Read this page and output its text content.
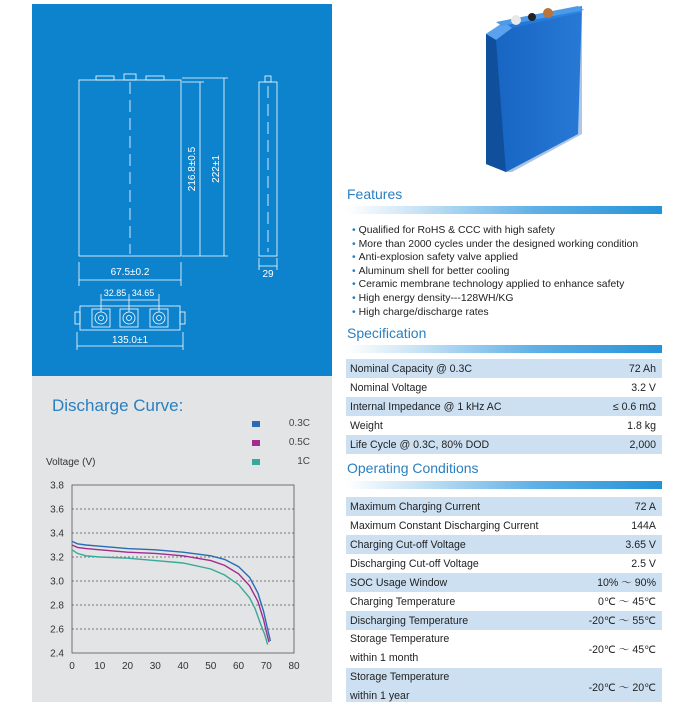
67.5±0.2
32.85 34.65
135.0±1
29
216.8±0.5 222±1
Discharge Curve:
0.3C
0.5C
1C
Voltage (V)
2.4
2.6
2.8
3.0
3.2
3.4
3.6
3.8
0 10 20 30 40 50 60 70 80
Features
• Qualified for RoHS & CCC with high safety
• More than 2000 cycles under the designed working condition
• Anti-explosion safety valve applied
• Aluminum shell for better cooling
• Ceramic membrane technology applied to enhance safety
• High energy density---128WH/KG
• High charge/discharge rates
Specification
Nominal Capacity @ 0.3C	72 Ah
Nominal Voltage	3.2 V
Internal Impedance @ 1 kHz AC	≤ 0.6 mΩ
Weight	1.8 kg
Life Cycle @ 0.3C, 80% DOD	2,000
Operating Conditions
Maximum Charging Current	72 A
Maximum Constant Discharging Current	144A
Charging Cut-off Voltage	3.65 V
Discharging Cut-off Voltage	2.5 V
SOC Usage Window	10% ～ 90%
Charging Temperature	0℃ ～ 45℃
Discharging Temperature	-20℃ ～ 55℃
Storage Temperature
within 1 month	-20℃ ～ 45℃
Storage Temperature
within 1 year	-20℃ ～ 20℃
